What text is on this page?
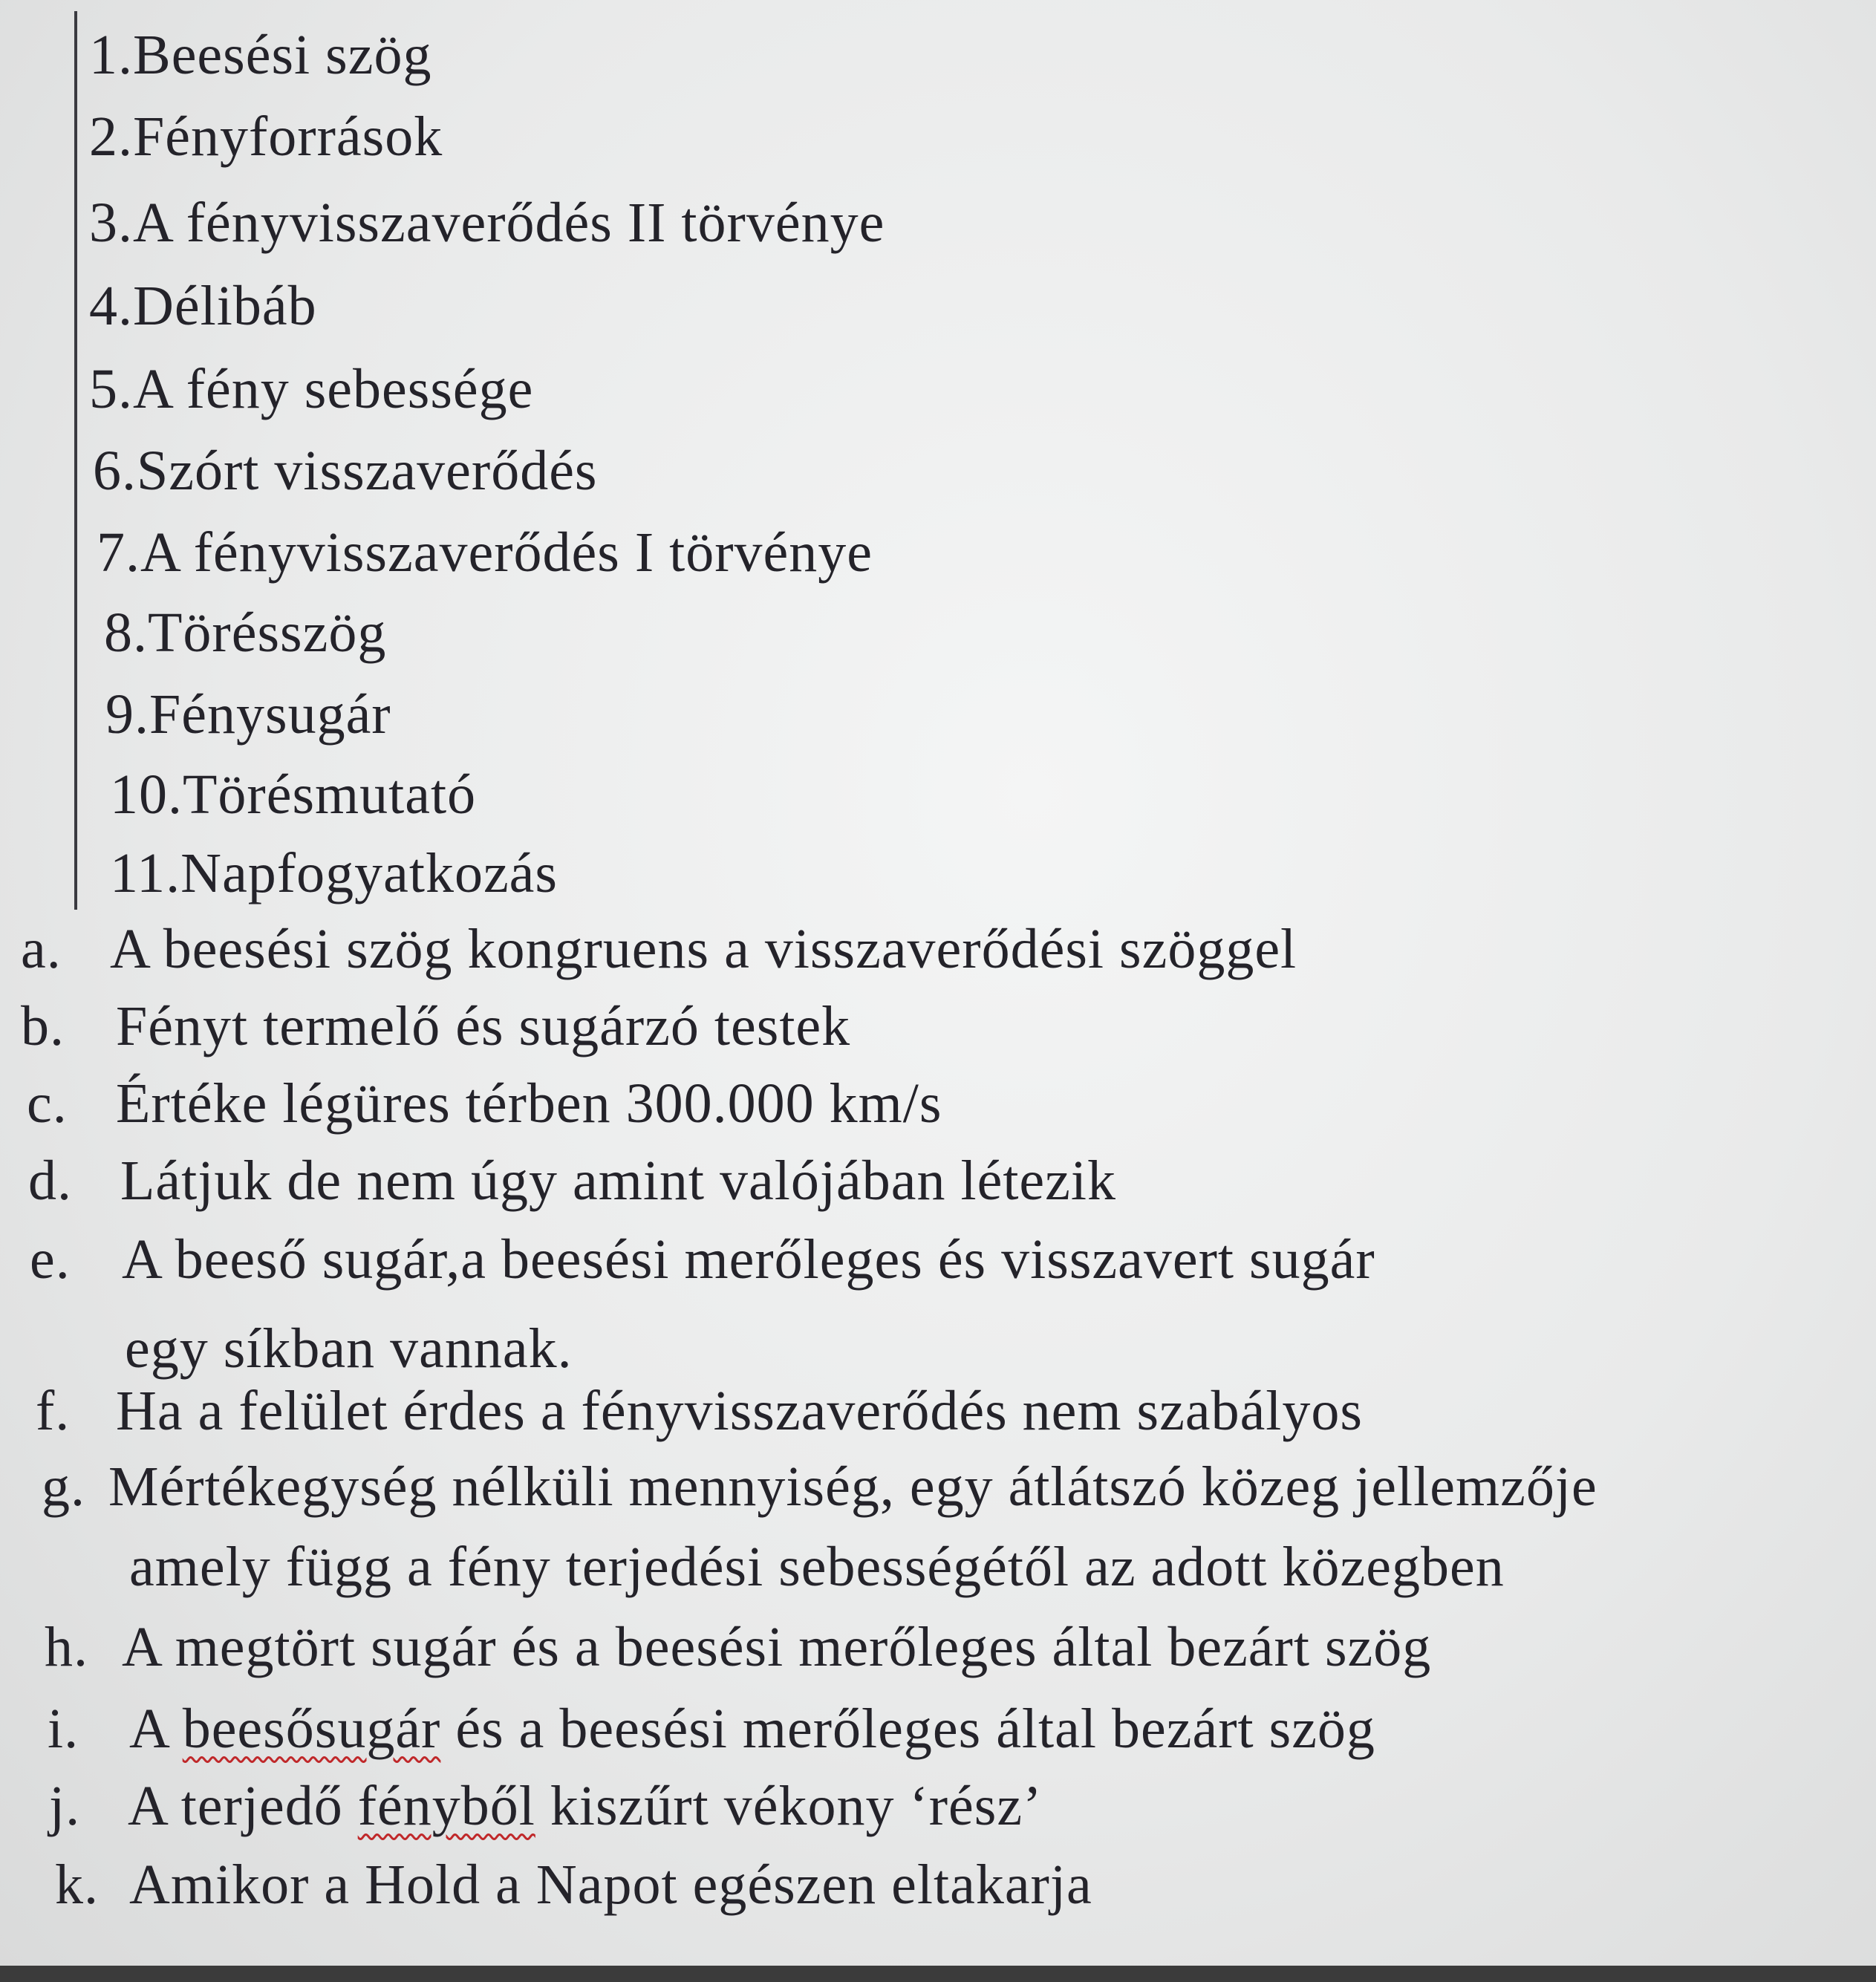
1.Beesési szög
2.Fényforrások
3.A fényvisszaverődés II törvénye
4.Délibáb
5.A fény sebessége
6.Szórt visszaverődés
7.A fényvisszaverődés I törvénye
8.Törésszög
9.Fénysugár
10.Törésmutató
11.Napfogyatkozás
a. A beesési szög kongruens a visszaverődési szöggel
b. Fényt termelő és sugárzó testek
c. Értéke légüres térben 300.000 km/s
d. Látjuk de nem úgy amint valójában létezik
e. A beeső sugár,a beesési merőleges és visszavert sugár
egy síkban vannak.
f. Ha a felület érdes a fényvisszaverődés nem szabályos
g. Mértékegység nélküli mennyiség, egy átlátszó közeg jellemzője
amely függ a fény terjedési sebességétől az adott közegben
h. A megtört sugár és a beesési merőleges által bezárt szög
i. A beesősugár és a beesési merőleges által bezárt szög
j. A terjedő fényből kiszűrt vékony ‘rész’
k. Amikor a Hold a Napot egészen eltakarja
